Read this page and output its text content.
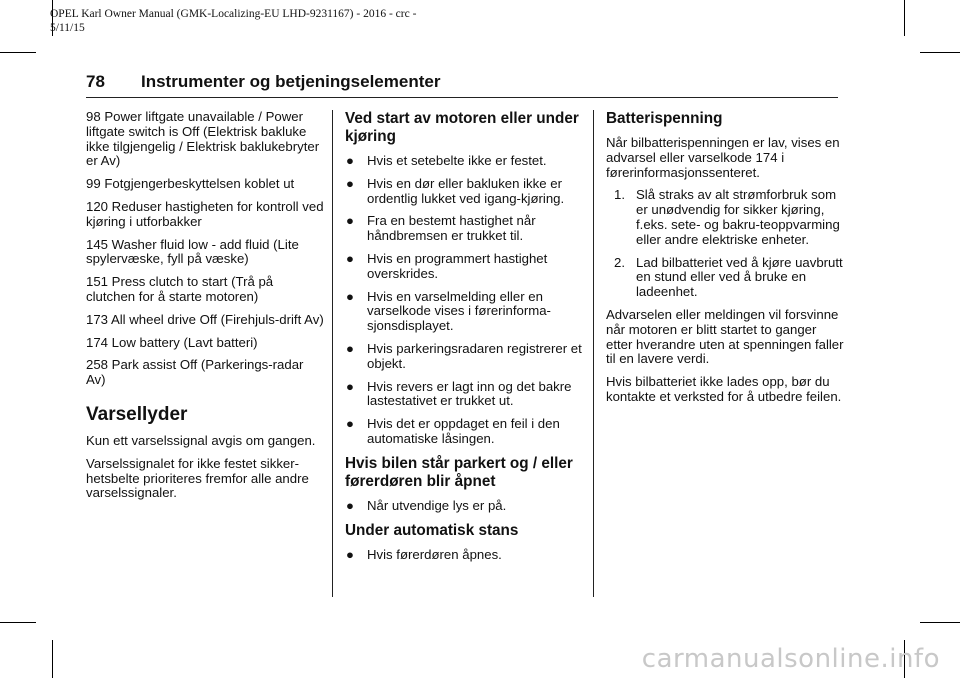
OPEL Karl Owner Manual (GMK-Localizing-EU LHD-9231167) - 2016 - crc -
5/11/15
78 Instrumenter og betjeningselementer

98 Power liftgate unavailable / Power liftgate switch is Off (Elektrisk bakluke ikke tilgjengelig / Elektrisk baklukebryter er Av)

99 Fotgjengerbeskyttelsen koblet ut

120 Reduser hastigheten for kontroll ved kjøring i utforbakker

145 Washer fluid low - add fluid (Lite spylervæske, fyll på væske)

151 Press clutch to start (Trå på clutchen for å starte motoren)

173 All wheel drive Off (Firehjuls-drift Av)

174 Low battery (Lavt batteri)

258 Park assist Off (Parkerings-radar Av)

Varsellyder

Kun ett varselssignal avgis om gangen.

Varselssignalet for ikke festet sikker-hetsbelte prioriteres fremfor alle andre varselssignaler.

Ved start av motoren eller under kjøring
● Hvis et setebelte ikke er festet.
● Hvis en dør eller bakluken ikke er ordentlig lukket ved igang-kjøring.
● Fra en bestemt hastighet når håndbremsen er trukket til.
● Hvis en programmert hastighet overskrides.
● Hvis en varselmelding eller en varselkode vises i førerinforma-sjonsdisplayet.
● Hvis parkeringsradaren registrerer et objekt.
● Hvis revers er lagt inn og det bakre lastestativet er trukket ut.
● Hvis det er oppdaget en feil i den automatiske låsingen.
Hvis bilen står parkert og / eller førerdøren blir åpnet
● Når utvendige lys er på.
Under automatisk stans
● Hvis førerdøren åpnes.
Batterispenning

Når bilbatterispenningen er lav, vises en advarsel eller varselkode 174 i førerinformasjonssenteret.

1. Slå straks av alt strømforbruk som er unødvendig for sikker kjøring, f.eks. sete- og bakru-teoppvarming eller andre elektriske enheter.
2. Lad bilbatteriet ved å kjøre uavbrutt en stund eller ved å bruke en ladeenhet.

Advarselen eller meldingen vil forsvinne når motoren er blitt startet to ganger etter hverandre uten at spenningen faller til en lavere verdi.

Hvis bilbatteriet ikke lades opp, bør du kontakte et verksted for å utbedre feilen.

carmanualsonline.info
